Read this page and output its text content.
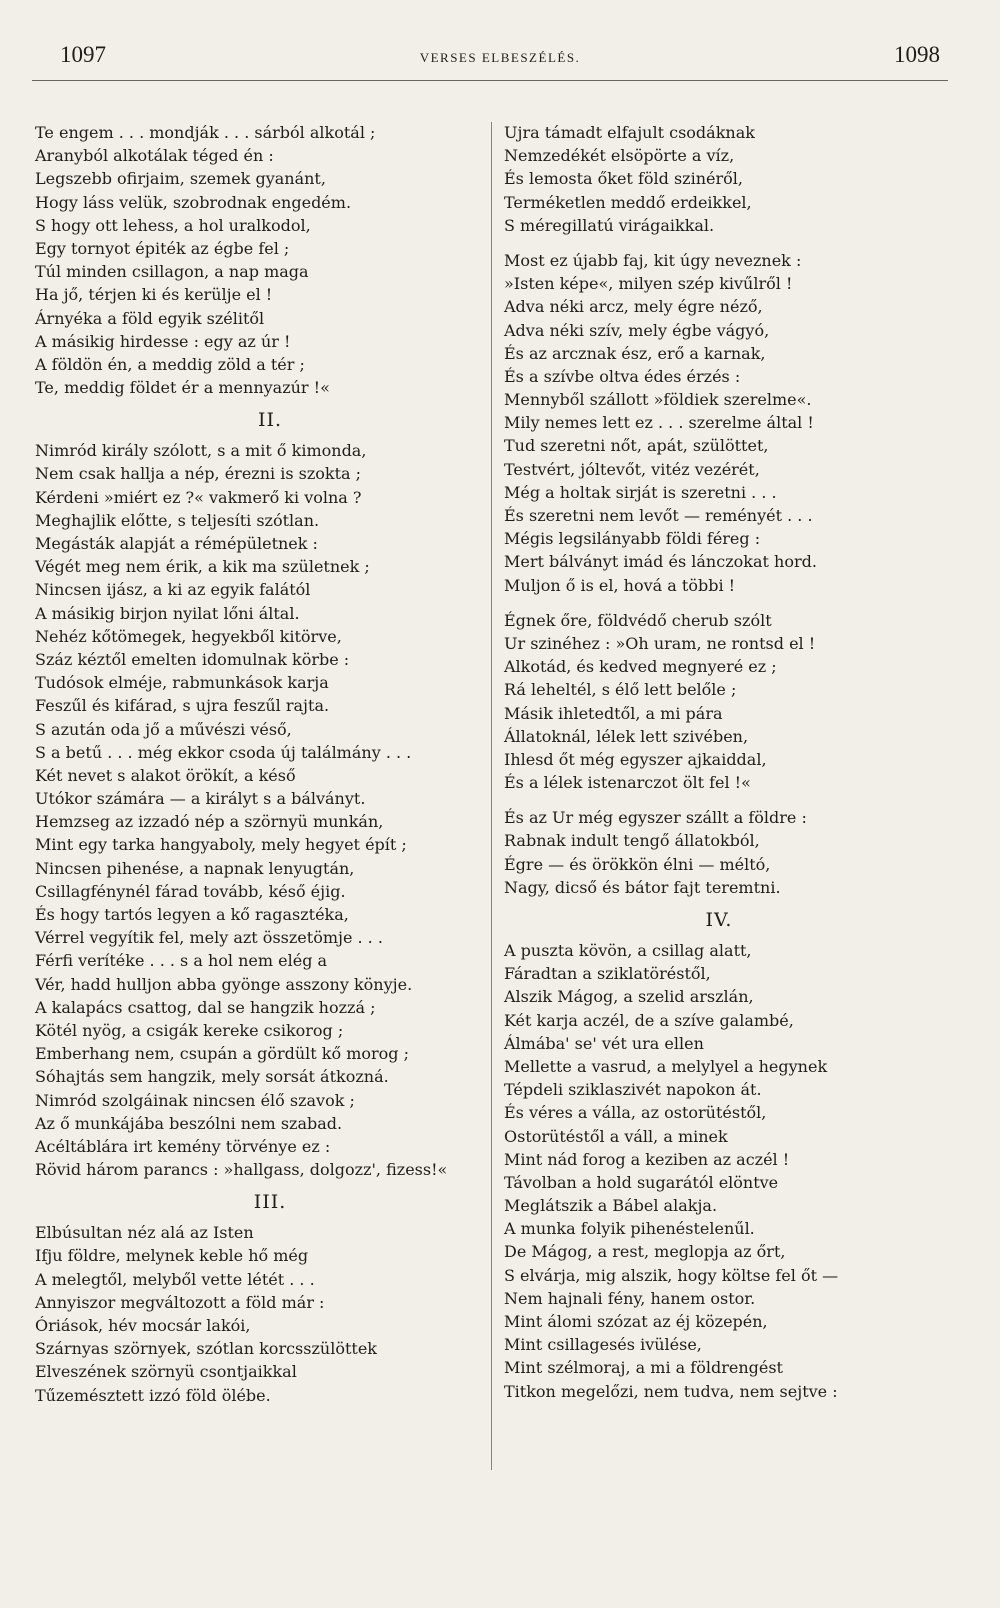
1097	VERSES ELBESZÉLÉS.	1098
Te engem . . . mondják . . . sárból alkotál ;
Aranyból alkotálak téged én :
Legszebb ofirjaim, szemek gyanánt,
Hogy láss velük, szobrodnak engedém.
S hogy ott lehess, a hol uralkodol,
Egy tornyot épiték az égbe fel ;
Túl minden csillagon, a nap maga
Ha jő, térjen ki és kerülje el !
Árnyéka a föld egyik szélitől
A másikig hirdesse : egy az úr !
A földön én, a meddig zöld a tér ;
Te, meddig földet ér a mennyazúr !«
II.
Nimród király szólott, s a mit ő kimonda,
Nem csak hallja a nép, érezni is szokta ;
Kérdeni »miért ez ?« vakmerő ki volna ?
Meghajlik előtte, s teljesíti szótlan.
Megásták alapját a rémépületnek :
Végét meg nem érik, a kik ma születnek ;
Nincsen ijász, a ki az egyik falától
A másikig birjon nyilat lőni által.
Nehéz kőtömegek, hegyekből kitörve,
Száz kéztől emelten idomulnak körbe :
Tudósok elméje, rabmunkások karja
Feszűl és kifárad, s ujra feszűl rajta.
S azután oda jő a művészi véső,
S a betű . . . még ekkor csoda új találmány . . .
Két nevet s alakot örökít, a késő
Utókor számára — a királyt s a bálványt.
Hemzseg az izzadó nép a szörnyü munkán,
Mint egy tarka hangyaboly, mely hegyet épít ;
Nincsen pihenése, a napnak lenyugtán,
Csillagfénynél fárad tovább, késő éjig.
És hogy tartós legyen a kő ragasztéka,
Vérrel vegyítik fel, mely azt összetömje . . .
Férfi verítéke . . . s a hol nem elég a
Vér, hadd hulljon abba gyönge asszony könyje.
A kalapács csattog, dal se hangzik hozzá ;
Kötél nyög, a csigák kereke csikorog ;
Emberhang nem, csupán a gördült kő morog ;
Sóhajtás sem hangzik, mely sorsát átkozná.
Nimród szolgáinak nincsen élő szavok ;
Az ő munkájába beszólni nem szabad.
Acéltáblára irt kemény törvénye ez :
Rövid három parancs : »hallgass, dolgozz', fizess!«
III.
Elbúsultan néz alá az Isten
Ifju földre, melynek keble hő még
A melegtől, melyből vette létét . . .
Annyiszor megváltozott a föld már :
Óriások, hév mocsár lakói,
Szárnyas szörnyek, szótlan korcsszülöttek
Elveszének szörnyü csontjaikkal
Tűzemésztett izzó föld ölébe.
Ujra támadt elfajult csodáknak
Nemzedékét elsöpörte a víz,
És lemosta őket föld szinéről,
Terméketlen meddő erdeikkel,
S méregillatú virágaikkal.
Most ez újabb faj, kit úgy neveznek :
»Isten képe«, milyen szép kivűlről !
Adva néki arcz, mely égre néző,
Adva néki szív, mely égbe vágyó,
És az arcznak ész, erő a karnak,
És a szívbe oltva édes érzés :
Mennyből szállott »földiek szerelme«.
Mily nemes lett ez . . . szerelme által !
Tud szeretni nőt, apát, szülöttet,
Testvért, jóltevőt, vitéz vezérét,
Még a holtak sirját is szeretni . . .
És szeretni nem levőt — reményét . . .
Mégis legsilányabb földi féreg :
Mert bálványt imád és lánczokat hord.
Muljon ő is el, hová a többi !
Égnek őre, földvédő cherub szólt
Ur szinéhez : »Oh uram, ne rontsd el !
Alkotád, és kedved megnyeré ez ;
Rá leheltél, s élő lett belőle ;
Másik ihletedtől, a mi pára
Állatoknál, lélek lett szivében,
Ihlesd őt még egyszer ajkaiddal,
És a lélek istenarczot ölt fel !«
És az Ur még egyszer szállt a földre :
Rabnak indult tengő állatokból,
Égre — és örökkön élni — méltó,
Nagy, dicső és bátor fajt teremtni.
IV.
A puszta kövön, a csillag alatt,
Fáradtan a sziklatöréstől,
Alszik Mágog, a szelid arszlán,
Két karja aczél, de a szíve galambé,
Álmába' se' vét ura ellen
Mellette a vasrud, a melylyel a hegynek
Tépdeli sziklaszivét napokon át.
És véres a válla, az ostorütéstől,
Ostorütéstől a váll, a minek
Mint nád forog a keziben az aczél !
Távolban a hold sugarától elöntve
Meglátszik a Bábel alakja.
A munka folyik pihenéstelenűl.
De Mágog, a rest, meglopja az őrt,
S elvárja, mig alszik, hogy költse fel őt —
Nem hajnali fény, hanem ostor.
Mint álomi szózat az éj közepén,
Mint csillagesés ivülése,
Mint szélmoraj, a mi a földrengést
Titkon megelőzi, nem tudva, nem sejtve :
